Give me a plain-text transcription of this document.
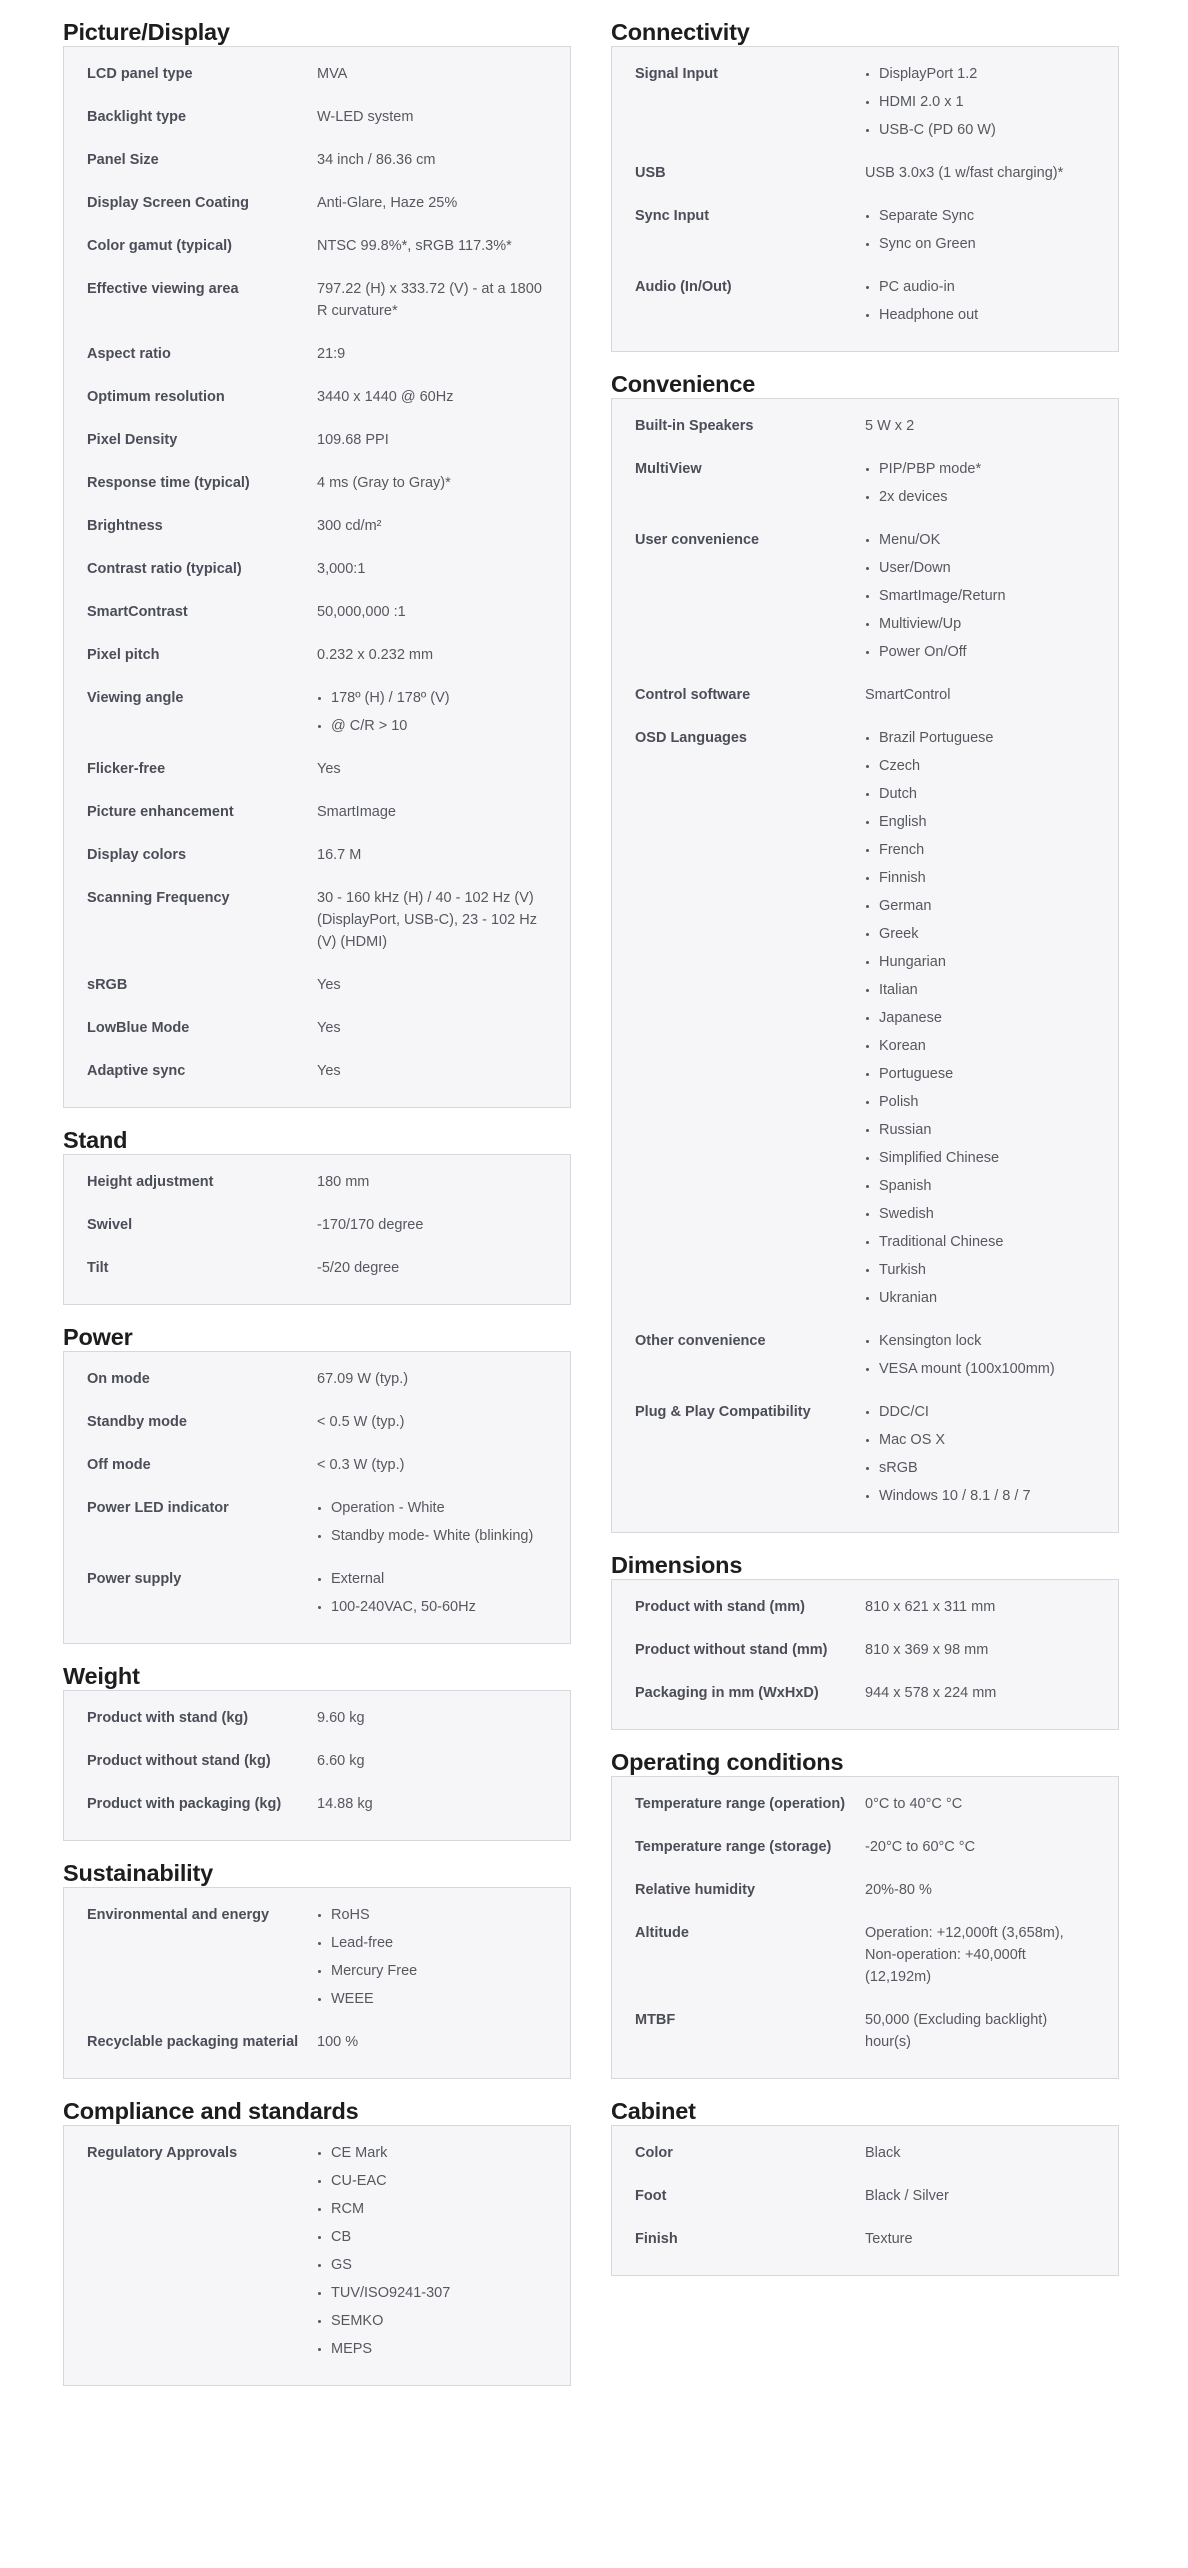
Picture/Display
LCD panel type	MVA
Backlight type	W-LED system
Panel Size	34 inch / 86.36 cm
Display Screen Coating	Anti-Glare, Haze 25%
Color gamut (typical)	NTSC 99.8%*, sRGB 117.3%*
Effective viewing area	797.22 (H) x 333.72 (V) - at a 1800 R curvature*
Aspect ratio	21:9
Optimum resolution	3440 x 1440 @ 60Hz
Pixel Density	109.68 PPI
Response time (typical)	4 ms (Gray to Gray)*
Brightness	300 cd/m²
Contrast ratio (typical)	3,000:1
SmartContrast	50,000,000 :1
Pixel pitch	0.232 x 0.232 mm
Viewing angle	178º (H) / 178º (V)
@ C/R > 10
Flicker-free	Yes
Picture enhancement	SmartImage
Display colors	16.7 M
Scanning Frequency	30 - 160 kHz (H) / 40 - 102 Hz (V) (DisplayPort, USB-C), 23 - 102 Hz (V) (HDMI)
sRGB	Yes
LowBlue Mode	Yes
Adaptive sync	Yes
Stand
Height adjustment	180 mm
Swivel	-170/170 degree
Tilt	-5/20 degree
Power
On mode	67.09 W (typ.)
Standby mode	< 0.5 W (typ.)
Off mode	< 0.3 W (typ.)
Power LED indicator	Operation - White
Standby mode- White (blinking)
Power supply	External
100-240VAC, 50-60Hz
Weight
Product with stand (kg)	9.60 kg
Product without stand (kg)	6.60 kg
Product with packaging (kg)	14.88 kg
Sustainability
Environmental and energy	RoHS
Lead-free
Mercury Free
WEEE
Recyclable packaging material	100 %
Compliance and standards
Regulatory Approvals	CE Mark
CU-EAC
RCM
CB
GS
TUV/ISO9241-307
SEMKO
MEPS
Connectivity
Signal Input	DisplayPort 1.2
HDMI 2.0 x 1
USB-C (PD 60 W)
USB	USB 3.0x3 (1 w/fast charging)*
Sync Input	Separate Sync
Sync on Green
Audio (In/Out)	PC audio-in
Headphone out
Convenience
Built-in Speakers	5 W x 2
MultiView	PIP/PBP mode*
2x devices
User convenience	Menu/OK
User/Down
SmartImage/Return
Multiview/Up
Power On/Off
Control software	SmartControl
OSD Languages	Brazil Portuguese
Czech
Dutch
English
French
Finnish
German
Greek
Hungarian
Italian
Japanese
Korean
Portuguese
Polish
Russian
Simplified Chinese
Spanish
Swedish
Traditional Chinese
Turkish
Ukranian
Other convenience	Kensington lock
VESA mount (100x100mm)
Plug & Play Compatibility	DDC/CI
Mac OS X
sRGB
Windows 10 / 8.1 / 8 / 7
Dimensions
Product with stand (mm)	810 x 621 x 311 mm
Product without stand (mm)	810 x 369 x 98 mm
Packaging in mm (WxHxD)	944 x 578 x 224 mm
Operating conditions
Temperature range (operation)	0°C to 40°C °C
Temperature range (storage)	-20°C to 60°C °C
Relative humidity	20%-80 %
Altitude	Operation: +12,000ft (3,658m), Non-operation: +40,000ft (12,192m)
MTBF	50,000 (Excluding backlight) hour(s)
Cabinet
Color	Black
Foot	Black / Silver
Finish	Texture
